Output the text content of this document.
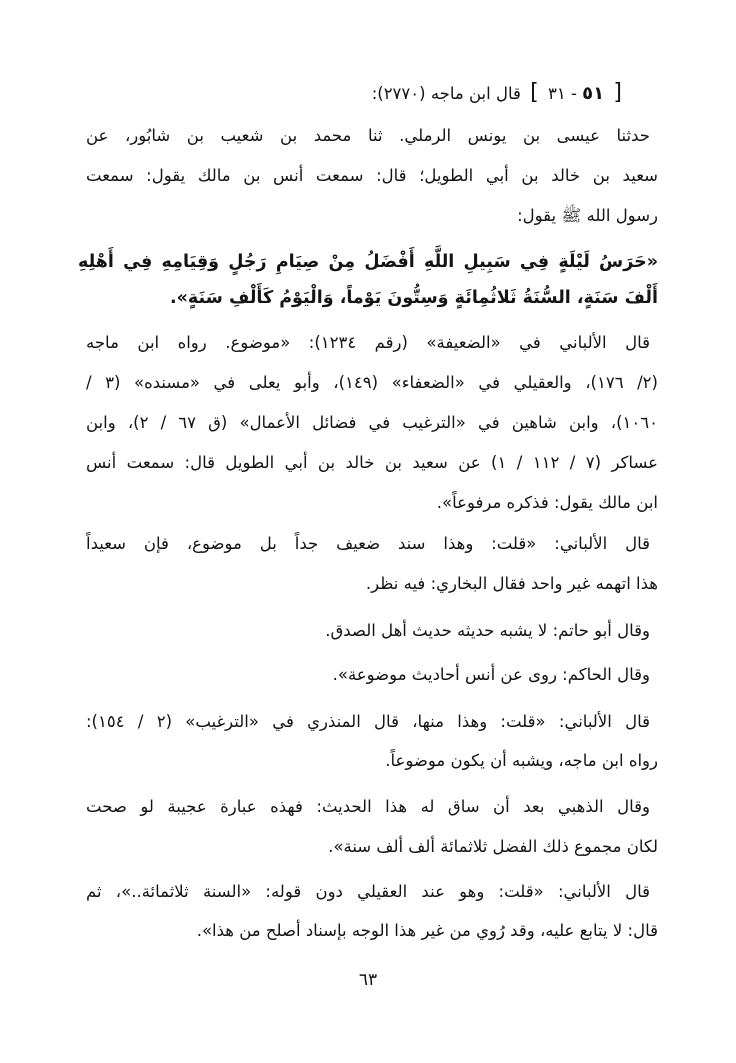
[ ٥١ - ٣١ ] قال ابن ماجه (٢٧٧٠):
حدثنا عيسى بن يونس الرملي. ثنا محمد بن شعيب بن شابُور، عن
سعيد بن خالد بن أبي الطويل؛ قال: سمعت أنس بن مالك يقول: سمعت
رسول الله ﷺ يقول:
«حَرَسُ لَيْلَةٍ فِي سَبِيلِ اللَّهِ أَفْضَلُ مِنْ صِيَامِ رَجُلٍ وَقِيَامِهِ فِي أَهْلِهِ
أَلْفَ سَنَةٍ، السُّنَةُ ثَلاثُمِائَةٍ وَسِتُّونَ يَوْماً، وَالْيَوْمُ كَأَلْفِ سَنَةٍ».
قال الألباني في «الضعيفة» (رقم ١٢٣٤): «موضوع. رواه ابن ماجه
(٢/ ١٧٦)، والعقيلي في «الضعفاء» (١٤٩)، وأبو يعلى في «مسنده» (٣ /
١٠٦٠)، وابن شاهين في «الترغيب في فضائل الأعمال» (ق ٦٧ / ٢)، وابن
عساكر (٧ / ١١٢ / ١) عن سعيد بن خالد بن أبي الطويل قال: سمعت أنس
ابن مالك يقول: فذكره مرفوعاً».
قال الألباني: «قلت: وهذا سند ضعيف جداً بل موضوع، فإن سعيداً
هذا اتهمه غير واحد فقال البخاري: فيه نظر.
وقال أبو حاتم: لا يشبه حديثه حديث أهل الصدق.
وقال الحاكم: روى عن أنس أحاديث موضوعة».
قال الألباني: «قلت: وهذا منها، قال المنذري في «الترغيب» (٢ / ١٥٤):
رواه ابن ماجه، ويشبه أن يكون موضوعاً.
وقال الذهبي بعد أن ساق له هذا الحديث: فهذه عبارة عجيبة لو صحت
لكان مجموع ذلك الفضل ثلاثمائة ألف ألف سنة».
قال الألباني: «قلت: وهو عند العقيلي دون قوله: «السنة ثلاثمائة..»، ثم
قال: لا يتابع عليه، وقد رُوي من غير هذا الوجه بإسناد أصلح من هذا».
٦٣
